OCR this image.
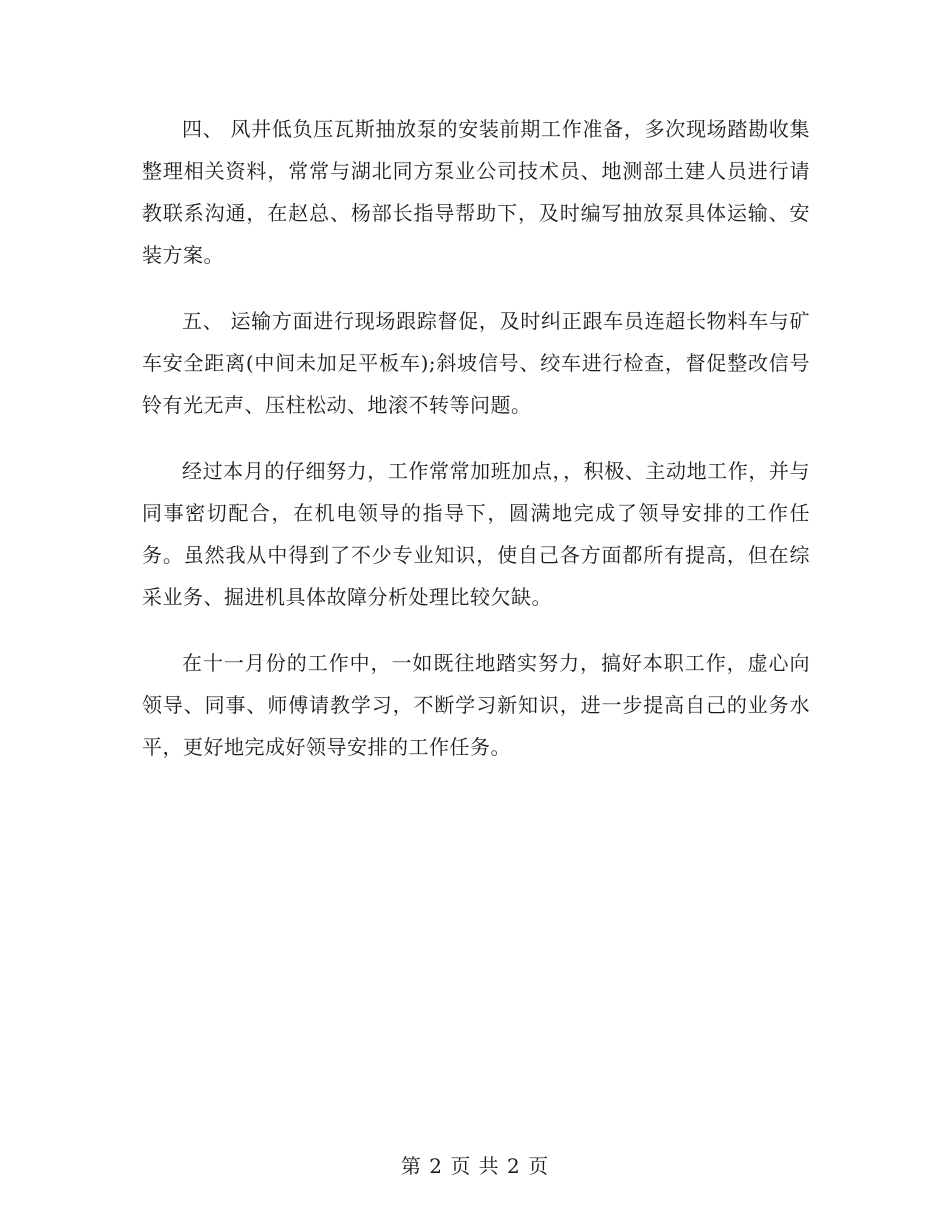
四、 风井低负压瓦斯抽放泵的安装前期工作准备，多次现场踏勘收集整理相关资料，常常与湖北同方泵业公司技术员、地测部土建人员进行请教联系沟通，在赵总、杨部长指导帮助下，及时编写抽放泵具体运输、安装方案。

五、 运输方面进行现场跟踪督促，及时纠正跟车员连超长物料车与矿车安全距离(中间未加足平板车);斜坡信号、绞车进行检查，督促整改信号铃有光无声、压柱松动、地滚不转等问题。

经过本月的仔细努力，工作常常加班加点，，积极、主动地工作，并与同事密切配合，在机电领导的指导下，圆满地完成了领导安排的工作任务。虽然我从中得到了不少专业知识，使自己各方面都所有提高，但在综采业务、掘进机具体故障分析处理比较欠缺。

在十一月份的工作中，一如既往地踏实努力，搞好本职工作，虚心向领导、同事、师傅请教学习，不断学习新知识，进一步提高自己的业务水平，更好地完成好领导安排的工作任务。

第 2 页 共 2 页
